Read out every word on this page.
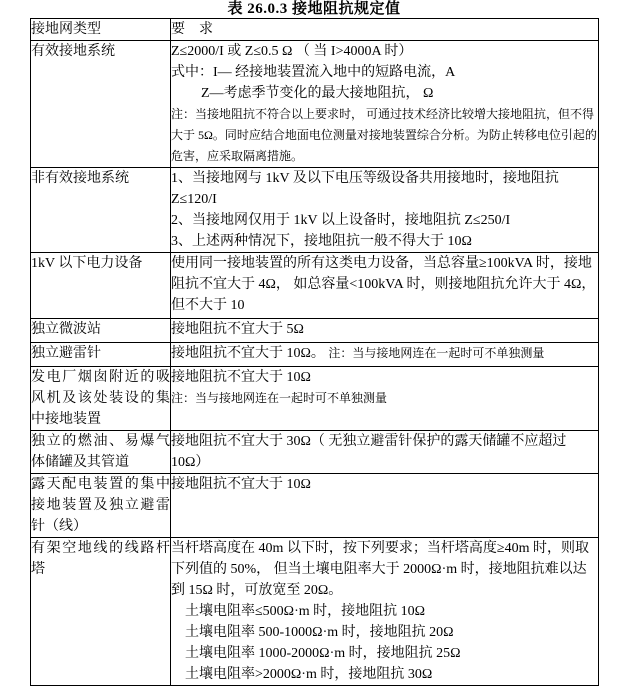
表 26.0.3 接地阻抗规定值
接地网类型	要　求
有效接地系统	Z≤2000/I 或 Z≤0.5 Ω （ 当 I>4000A 时）
式中：I— 经接地装置流入地中的短路电流，A
Z—考虑季节变化的最大接地阻抗， Ω
注：当接地阻抗不符合以上要求时， 可通过技术经济比较增大接地阻抗，但不得大于 5Ω。同时应结合地面电位测量对接地装置综合分析。为防止转移电位引起的危害，应采取隔离措施。

非有效接地系统	1、当接地网与 1kV 及以下电压等级设备共用接地时，接地阻抗 Z≤120/I
2、当接地网仅用于 1kV 以上设备时，接地阻抗 Z≤250/I
3、上述两种情况下，接地阻抗一般不得大于 10Ω

1kV 以下电力设备	使用同一接地装置的所有这类电力设备，当总容量≥100kVA 时，接地阻抗不宜大于 4Ω， 如总容量<100kVA 时，则接地阻抗允许大于 4Ω， 但不大于 10

独立微波站	接地阻抗不宜大于 5Ω

独立避雷针	接地阻抗不宜大于 10Ω。 注：当与接地网连在一起时可不单独测量

发电厂烟囱附近的吸风机及该处装设的集中接地装置	接地阻抗不宜大于 10Ω
注：当与接地网连在一起时可不单独测量

独立的燃油、易爆气体储罐及其管道	接地阻抗不宜大于 30Ω（ 无独立避雷针保护的露天储罐不应超过 10Ω）

露天配电装置的集中接地装置及独立避雷针（线）	接地阻抗不宜大于 10Ω

有架空地线的线路杆塔	当杆塔高度在 40m 以下时，按下列要求；当杆塔高度≥40m 时，则取下列值的 50%， 但当土壤电阻率大于 2000Ω·m 时，接地阻抗难以达到 15Ω 时，可放宽至 20Ω。
土壤电阻率≤500Ω·m 时，接地阻抗 10Ω
土壤电阻率 500-1000Ω·m 时，接地阻抗 20Ω
土壤电阻率 1000-2000Ω·m 时，接地阻抗 25Ω
土壤电阻率>2000Ω·m 时，接地阻抗 30Ω
